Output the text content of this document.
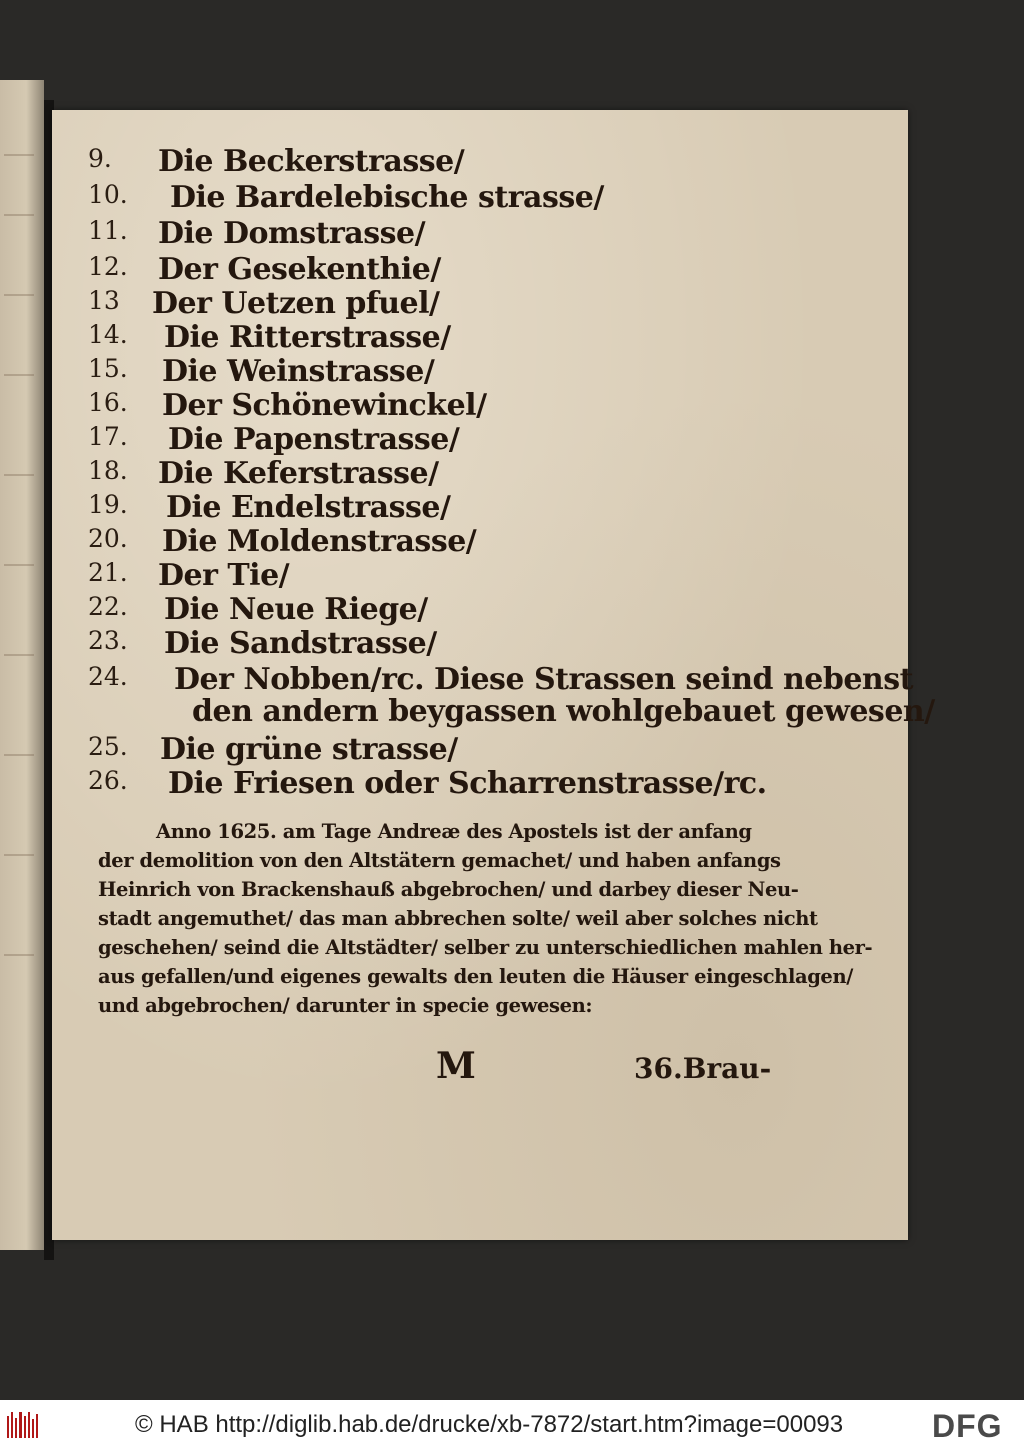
9. Die Beckerstrasse/
10. Die Bardelebische strasse/
11. Die Domstrasse/
12. Der Gesekenthie/
13 Der Uetzen pfuel/
14. Die Ritterstrasse/
15. Die Weinstrasse/
16. Der Schönewinckel/
17. Die Papenstrasse/
18. Die Keferstrasse/
19. Die Endelstrasse/
20. Die Moldenstrasse/
21. Der Tie/
22. Die Neue Riege/
23. Die Sandstrasse/
24. Der Nobben/rc. Diese Strassen seind nebenst
25. Die grüne strasse/
26. Die Friesen oder Scharrenstrasse/rc.
den andern beygassen wohlgebauet gewesen/
Anno 1625. am Tage Andreæ des Apostels ist der anfang
der demolition von den Altstätern gemachet/ und haben anfangs
Heinrich von Brackenshauß abgebrochen/ und darbey dieser Neu-
stadt angemuthet/ das man abbrechen solte/ weil aber solches nicht
geschehen/ seind die Altstädter/ selber zu unterschiedlichen mahlen her-
aus gefallen/und eigenes gewalts den leuten die Häuser eingeschlagen/
und abgebrochen/ darunter in specie gewesen:
M	36.Brau-
© HAB http://diglib.hab.de/drucke/xb-7872/start.htm?image=00093	DFG
